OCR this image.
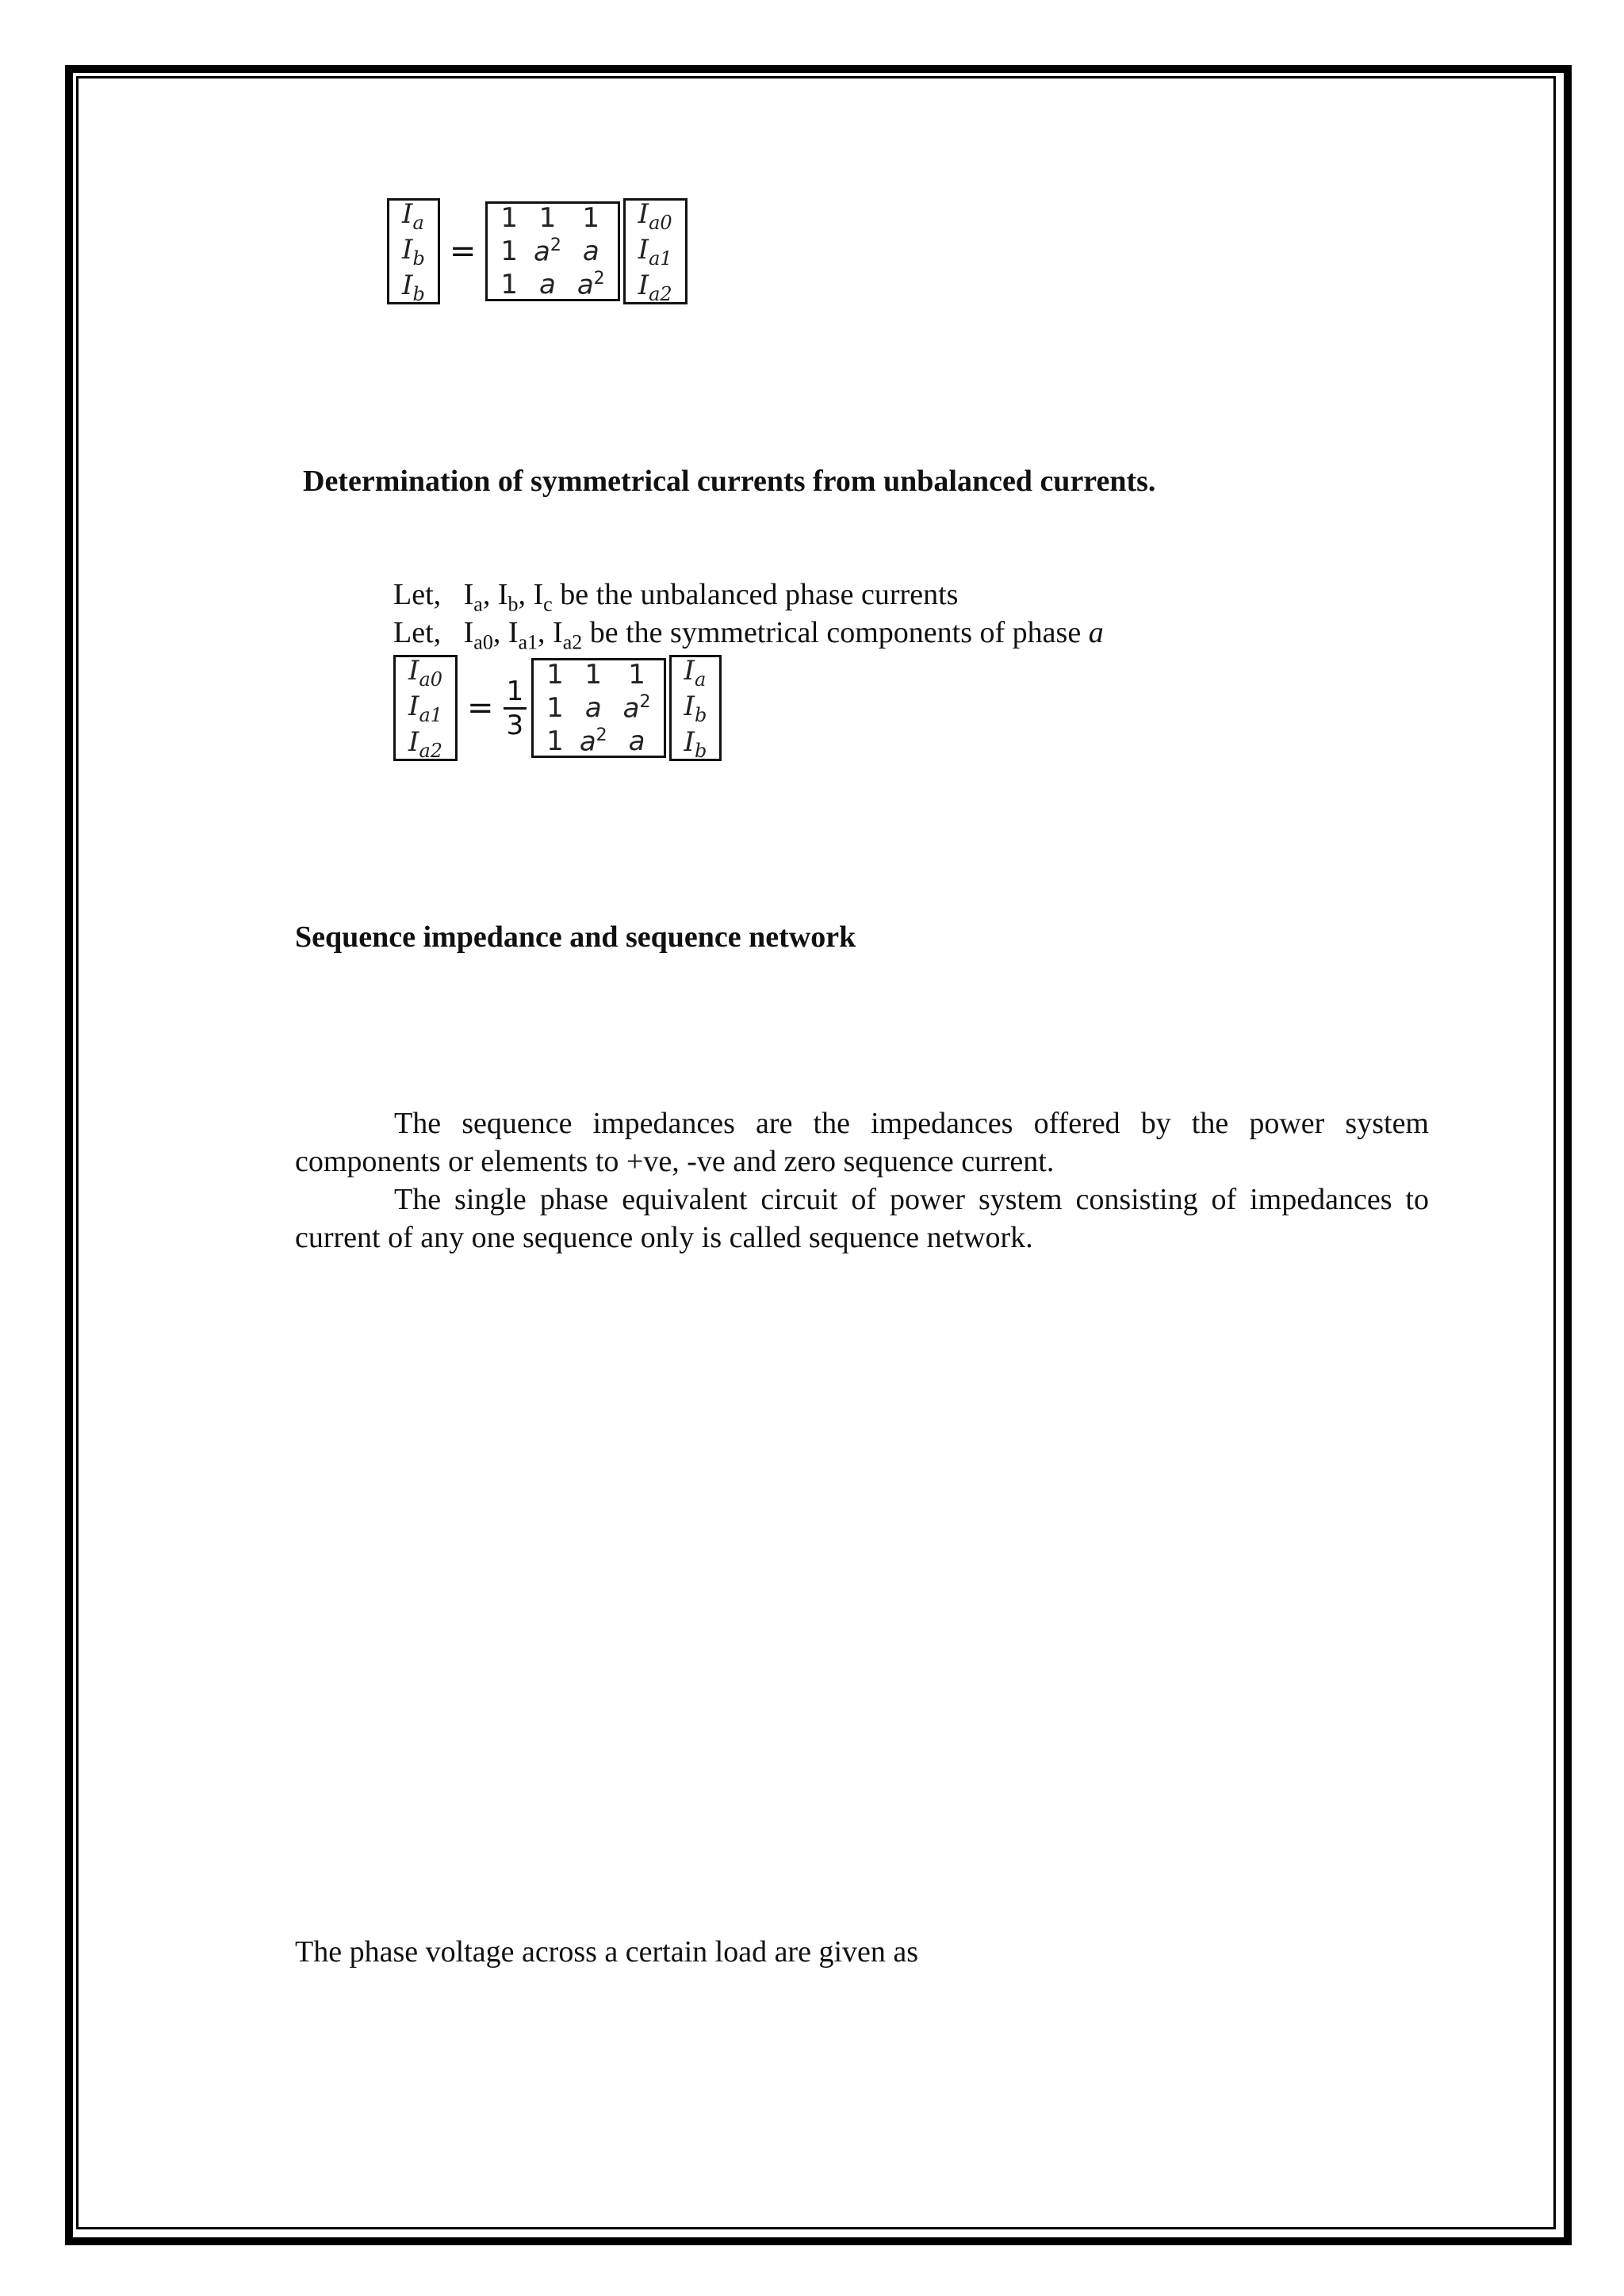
$I_a$
$I_b$
$I_b$
=
1	1	1
1	$a^2$	a
1	a	$a^2$
$I_{a0}$
$I_{a1}$
$I_{a2}$
Determination of symmetrical currents from unbalanced currents.
Let, $I_a$, $I_b$, $I_c$ be the unbalanced phase currents
Let, $I_{a0}$, $I_{a1}$, $I_{a2}$ be the symmetrical components of phase a
$I_{a0}$
$I_{a1}$
$I_{a2}$
= $\frac{1}{3}$
1	1	1
1	a	$a^2$
1	$a^2$	a
$I_a$
$I_b$
$I_b$
Sequence impedance and sequence network

The sequence impedances are the impedances offered by the power system components or elements to +ve, -ve and zero sequence current.

The single phase equivalent circuit of power system consisting of impedances to current of any one sequence only is called sequence network.

The phase voltage across a certain load are given as
